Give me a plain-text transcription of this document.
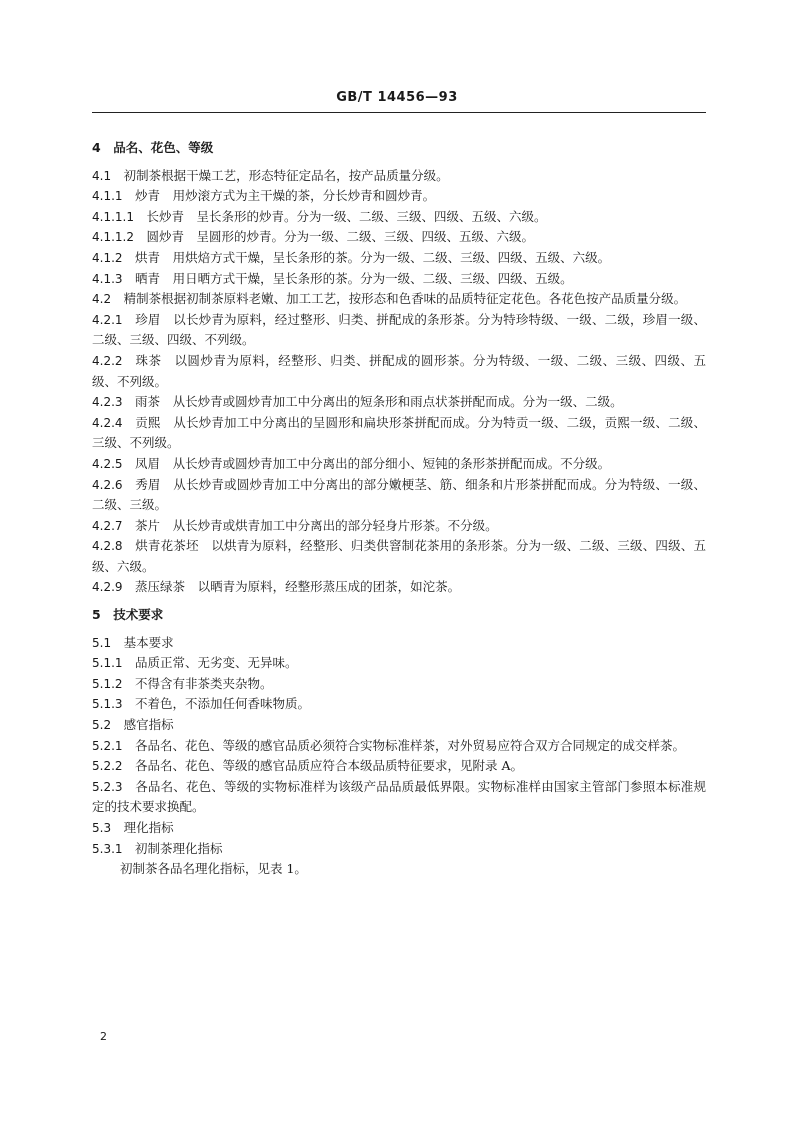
GB/T 14456—93
4  品名、花色、等级
4.1  初制茶根据干燥工艺，形态特征定品名，按产品质量分级。
4.1.1  炒青  用炒滚方式为主干燥的茶，分长炒青和圆炒青。
4.1.1.1  长炒青  呈长条形的炒青。分为一级、二级、三级、四级、五级、六级。
4.1.1.2  圆炒青  呈圆形的炒青。分为一级、二级、三级、四级、五级、六级。
4.1.2  烘青  用烘焙方式干燥，呈长条形的茶。分为一级、二级、三级、四级、五级、六级。
4.1.3  晒青  用日晒方式干燥，呈长条形的茶。分为一级、二级、三级、四级、五级。
4.2  精制茶根据初制茶原料老嫩、加工工艺，按形态和色香味的品质特征定花色。各花色按产品质量分级。
4.2.1  珍眉  以长炒青为原料，经过整形、归类、拼配成的条形茶。分为特珍特级、一级、二级，珍眉一级、二级、三级、四级、不列级。
4.2.2  珠茶  以圆炒青为原料，经整形、归类、拼配成的圆形茶。分为特级、一级、二级、三级、四级、五级、不列级。
4.2.3  雨茶  从长炒青或圆炒青加工中分离出的短条形和雨点状茶拼配而成。分为一级、二级。
4.2.4  贡熙  从长炒青加工中分离出的呈圆形和扁块形茶拼配而成。分为特贡一级、二级，贡熙一级、二级、三级、不列级。
4.2.5  凤眉  从长炒青或圆炒青加工中分离出的部分细小、短钝的条形茶拼配而成。不分级。
4.2.6  秀眉  从长炒青或圆炒青加工中分离出的部分嫩梗茎、筋、细条和片形茶拼配而成。分为特级、一级、二级、三级。
4.2.7  茶片  从长炒青或烘青加工中分离出的部分轻身片形茶。不分级。
4.2.8  烘青花茶坯  以烘青为原料，经整形、归类供窨制花茶用的条形茶。分为一级、二级、三级、四级、五级、六级。
4.2.9  蒸压绿茶  以晒青为原料，经整形蒸压成的团茶，如沱茶。
5  技术要求
5.1  基本要求
5.1.1  品质正常、无劣变、无异味。
5.1.2  不得含有非茶类夹杂物。
5.1.3  不着色，不添加任何香味物质。
5.2  感官指标
5.2.1  各品名、花色、等级的感官品质必须符合实物标准样茶，对外贸易应符合双方合同规定的成交样茶。
5.2.2  各品名、花色、等级的感官品质应符合本级品质特征要求，见附录 A。
5.2.3  各品名、花色、等级的实物标准样为该级产品品质最低界限。实物标准样由国家主管部门参照本标准规定的技术要求换配。
5.3  理化指标
5.3.1  初制茶理化指标
初制茶各品名理化指标，见表 1。
2
